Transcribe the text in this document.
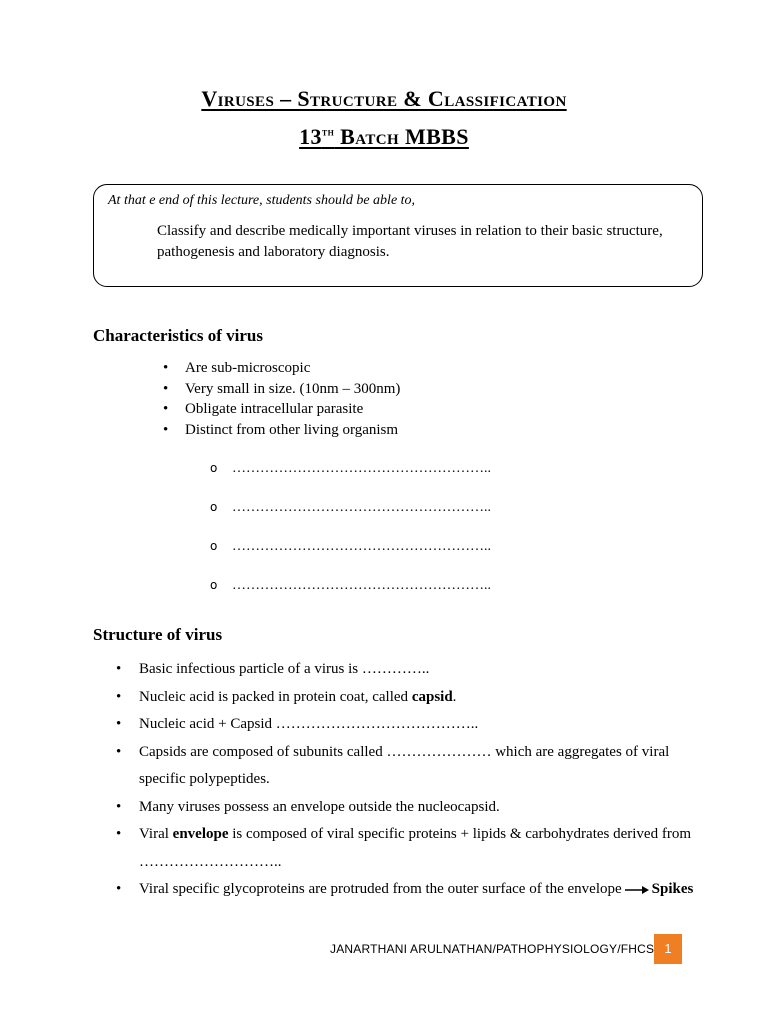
Viruses – Structure & Classification
13th Batch MBBS
At that e end of this lecture, students should be able to,
Classify and describe medically important viruses in relation to their basic structure, pathogenesis and laboratory diagnosis.
Characteristics of virus
• Are sub-microscopic
• Very small in size. (10nm – 300nm)
• Obligate intracellular parasite
• Distinct from other living organism
o ………………………………………………..
o ………………………………………………..
o ………………………………………………..
o ………………………………………………..
Structure of virus
• Basic infectious particle of a virus is …………..
• Nucleic acid is packed in protein coat, called capsid.
• Nucleic acid + Capsid …………………………………..
• Capsids are composed of subunits called ………………… which are aggregates of viral specific polypeptides.
• Many viruses possess an envelope outside the nucleocapsid.
• Viral envelope is composed of viral specific proteins + lipids & carbohydrates derived from ………………………..
• Viral specific glycoproteins are protruded from the outer surface of the envelope Spikes
JANARTHANI ARULNATHAN/PATHOPHYSIOLOGY/FHCS 1
